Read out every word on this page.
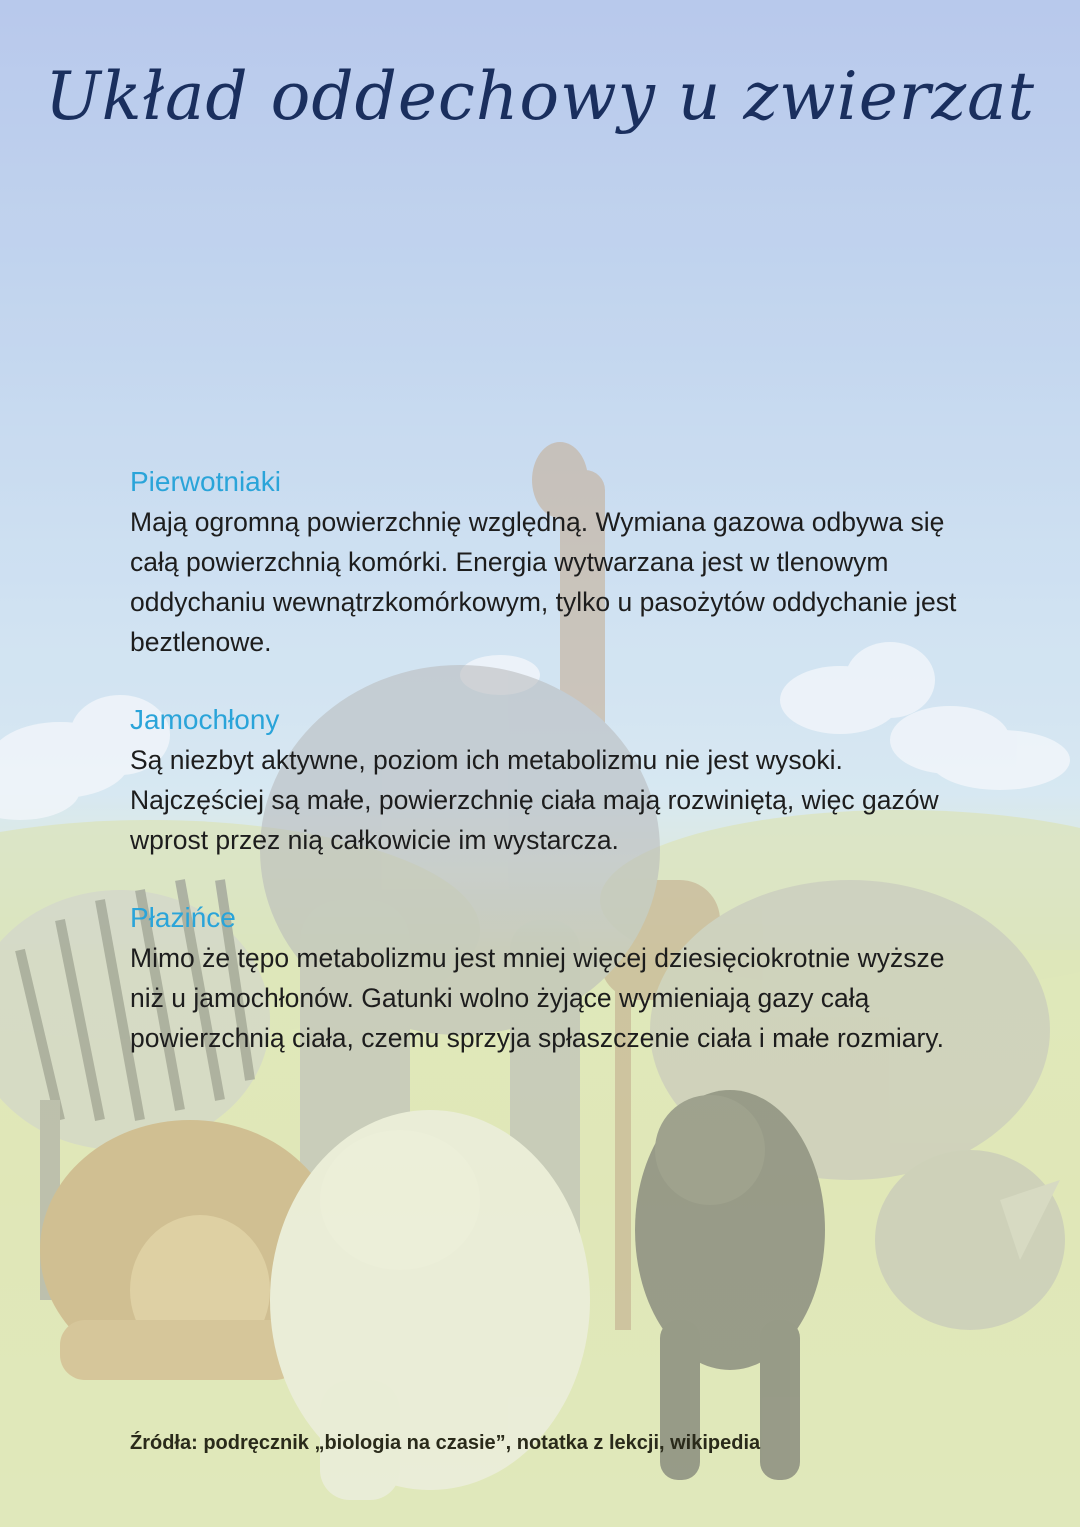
Układ oddechowy u zwierzat
Pierwotniaki

Mają ogromną powierzchnię względną. Wymiana gazowa odbywa się całą powierzchnią komórki. Energia wytwarzana jest w tlenowym oddychaniu wewnątrzkomórkowym, tylko u pasożytów oddychanie jest beztlenowe.

Jamochłony

Są niezbyt aktywne, poziom ich metabolizmu nie jest wysoki. Najczęściej są małe, powierzchnię ciała mają rozwiniętą, więc gazów wprost przez nią całkowicie im wystarcza.

Płazińce

Mimo że tępo metabolizmu jest mniej więcej dziesięciokrotnie wyższe niż u jamochłonów. Gatunki wolno żyjące wymieniają gazy całą powierzchnią ciała, czemu sprzyja spłaszczenie ciała i małe rozmiary.

Źródła: podręcznik „biologia na czasie”, notatka z lekcji, wikipedia
